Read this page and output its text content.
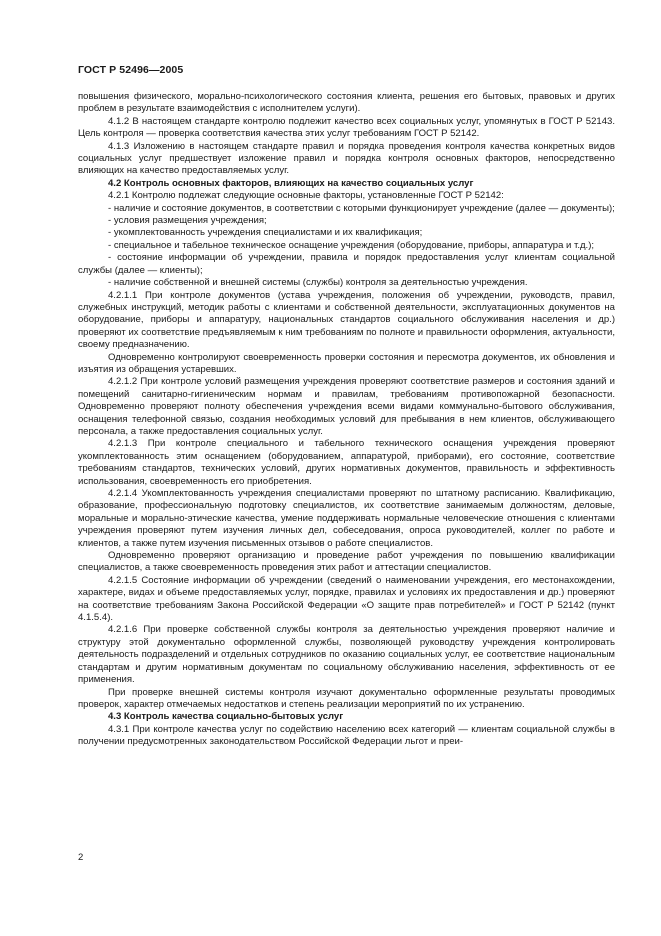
ГОСТ Р 52496—2005

повышения физического, морально-психологического состояния клиента, решения его бытовых, правовых и других проблем в результате взаимодействия с исполнителем услуги).

4.1.2 В настоящем стандарте контролю подлежит качество всех социальных услуг, упомянутых в ГОСТ Р 52143. Цель контроля — проверка соответствия качества этих услуг требованиям ГОСТ Р 52142.

4.1.3 Изложению в настоящем стандарте правил и порядка проведения контроля качества конкретных видов социальных услуг предшествует изложение правил и порядка контроля основных факторов, непосредственно влияющих на качество предоставляемых услуг.

4.2 Контроль основных факторов, влияющих на качество социальных услуг

4.2.1 Контролю подлежат следующие основные факторы, установленные ГОСТ Р 52142:

- наличие и состояние документов, в соответствии с которыми функционирует учреждение (далее — документы);

- условия размещения учреждения;

- укомплектованность учреждения специалистами и их квалификация;

- специальное и табельное техническое оснащение учреждения (оборудование, приборы, аппаратура и т.д.);

- состояние информации об учреждении, правила и порядок предоставления услуг клиентам социальной службы (далее — клиенты);

- наличие собственной и внешней системы (службы) контроля за деятельностью учреждения.

4.2.1.1 При контроле документов (устава учреждения, положения об учреждении, руководств, правил, служебных инструкций, методик работы с клиентами и собственной деятельности, эксплуатационных документов на оборудование, приборы и аппаратуру, национальных стандартов социального обслуживания населения и др.) проверяют их соответствие предъявляемым к ним требованиям по полноте и правильности оформления, актуальности, своему предназначению.

Одновременно контролируют своевременность проверки состояния и пересмотра документов, их обновления и изъятия из обращения устаревших.

4.2.1.2 При контроле условий размещения учреждения проверяют соответствие размеров и состояния зданий и помещений санитарно-гигиеническим нормам и правилам, требованиям противопожарной безопасности. Одновременно проверяют полноту обеспечения учреждения всеми видами коммунально-бытового обслуживания, оснащения телефонной связью, создания необходимых условий для пребывания в нем клиентов, обслуживающего персонала, а также предоставления социальных услуг.

4.2.1.3 При контроле специального и табельного технического оснащения учреждения проверяют укомплектованность этим оснащением (оборудованием, аппаратурой, приборами), его состояние, соответствие требованиям стандартов, технических условий, других нормативных документов, правильность и эффективность использования, своевременность его приобретения.

4.2.1.4 Укомплектованность учреждения специалистами проверяют по штатному расписанию. Квалификацию, образование, профессиональную подготовку специалистов, их соответствие занимаемым должностям, деловые, моральные и морально-этические качества, умение поддерживать нормальные человеческие отношения с клиентами учреждения проверяют путем изучения личных дел, собеседования, опроса руководителей, коллег по работе и клиентов, а также путем изучения письменных отзывов о работе специалистов.

Одновременно проверяют организацию и проведение работ учреждения по повышению квалификации специалистов, а также своевременность проведения этих работ и аттестации специалистов.

4.2.1.5 Состояние информации об учреждении (сведений о наименовании учреждения, его местонахождении, характере, видах и объеме предоставляемых услуг, порядке, правилах и условиях их предоставления и др.) проверяют на соответствие требованиям Закона Российской Федерации «О защите прав потребителей» и ГОСТ Р 52142 (пункт 4.1.5.4).

4.2.1.6 При проверке собственной службы контроля за деятельностью учреждения проверяют наличие и структуру этой документально оформленной службы, позволяющей руководству учреждения контролировать деятельность подразделений и отдельных сотрудников по оказанию социальных услуг, ее соответствие национальным стандартам и другим нормативным документам по социальному обслуживанию населения, эффективность от ее применения.

При проверке внешней системы контроля изучают документально оформленные результаты проводимых проверок, характер отмечаемых недостатков и степень реализации мероприятий по их устранению.

4.3 Контроль качества социально-бытовых услуг

4.3.1 При контроле качества услуг по содействию населению всех категорий — клиентам социальной службы в получении предусмотренных законодательством Российской Федерации льгот и преи-

2
